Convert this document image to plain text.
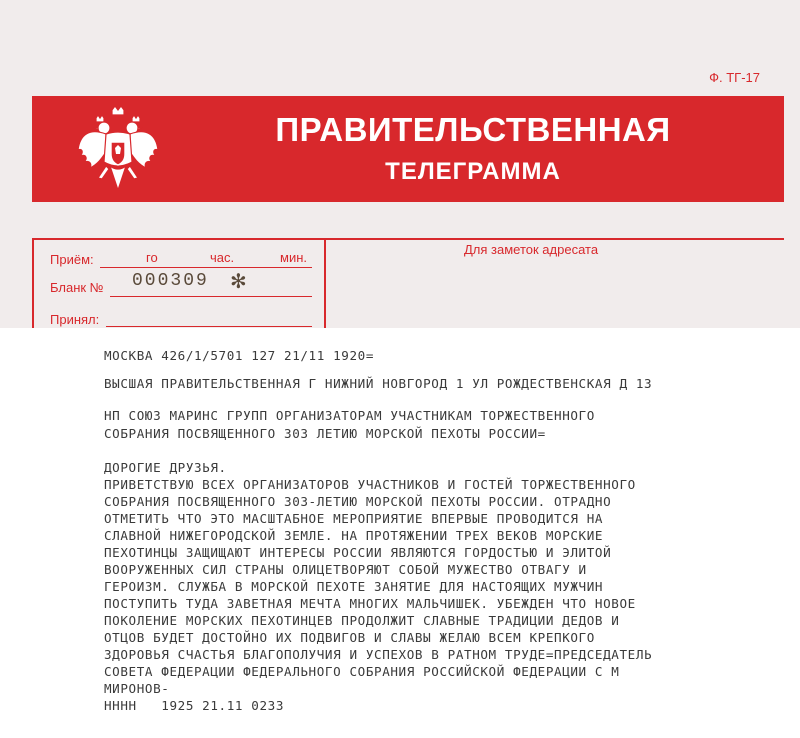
Ф. ТГ-17
ПРАВИТЕЛЬСТВЕННАЯ
ТЕЛЕГРАММА
Приём:	го	час.	мин.
Бланк № 000309 ✻
Принял:
Для заметок адресата
МОСКВА 426/1/5701 127 21/11 1920=
ВЫСШАЯ ПРАВИТЕЛЬСТВЕННАЯ Г НИЖНИЙ НОВГОРОД 1 УЛ РОЖДЕСТВЕНСКАЯ Д 13
НП СОЮЗ МАРИНС ГРУПП ОРГАНИЗАТОРАМ УЧАСТНИКАМ ТОРЖЕСТВЕННОГО
СОБРАНИЯ ПОСВЯЩЕННОГО 303 ЛЕТИЮ МОРСКОЙ ПЕХОТЫ РОССИИ=
ДОРОГИЕ ДРУЗЬЯ.
ПРИВЕТСТВУЮ ВСЕХ ОРГАНИЗАТОРОВ УЧАСТНИКОВ И ГОСТЕЙ ТОРЖЕСТВЕННОГО
СОБРАНИЯ ПОСВЯЩЕННОГО 303-ЛЕТИЮ МОРСКОЙ ПЕХОТЫ РОССИИ. ОТРАДНО
ОТМЕТИТЬ ЧТО ЭТО МАСШТАБНОЕ МЕРОПРИЯТИЕ ВПЕРВЫЕ ПРОВОДИТСЯ НА
СЛАВНОЙ НИЖЕГОРОДСКОЙ ЗЕМЛЕ. НА ПРОТЯЖЕНИИ ТРЕХ ВЕКОВ МОРСКИЕ
ПЕХОТИНЦЫ ЗАЩИЩАЮТ ИНТЕРЕСЫ РОССИИ ЯВЛЯЮТСЯ ГОРДОСТЬЮ И ЭЛИТОЙ
ВООРУЖЕННЫХ СИЛ СТРАНЫ ОЛИЦЕТВОРЯЮТ СОБОЙ МУЖЕСТВО ОТВАГУ И
ГЕРОИЗМ. СЛУЖБА В МОРСКОЙ ПЕХОТЕ ЗАНЯТИЕ ДЛЯ НАСТОЯЩИХ МУЖЧИН
ПОСТУПИТЬ ТУДА ЗАВЕТНАЯ МЕЧТА МНОГИХ МАЛЬЧИШЕК. УБЕЖДЕН ЧТО НОВОЕ
ПОКОЛЕНИЕ МОРСКИХ ПЕХОТИНЦЕВ ПРОДОЛЖИТ СЛАВНЫЕ ТРАДИЦИИ ДЕДОВ И
ОТЦОВ БУДЕТ ДОСТОЙНО ИХ ПОДВИГОВ И СЛАВЫ ЖЕЛАЮ ВСЕМ КРЕПКОГО
ЗДОРОВЬЯ СЧАСТЬЯ БЛАГОПОЛУЧИЯ И УСПЕХОВ В РАТНОМ ТРУДЕ=ПРЕДСЕДАТЕЛЬ
СОВЕТА ФЕДЕРАЦИИ ФЕДЕРАЛЬНОГО СОБРАНИЯ РОССИЙСКОЙ ФЕДЕРАЦИИ С М
МИРОНОВ-
НННН   1925 21.11 0233
